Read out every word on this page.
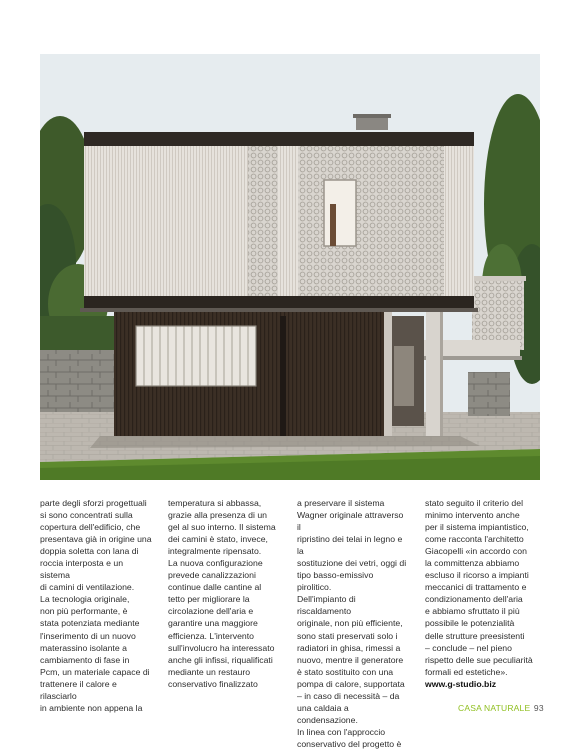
parte degli sforzi progettuali
si sono concentrati sulla
copertura dell'edificio, che
presentava già in origine una
doppia soletta con lana di
roccia interposta e un sistema
di camini di ventilazione.
La tecnologia originale,
non più performante, è
stata potenziata mediante
l'inserimento di un nuovo
materassino isolante a
cambiamento di fase in
Pcm, un materiale capace di
trattenere il calore e rilasciarlo
in ambiente non appena la

temperatura si abbassa,
grazie alla presenza di un
gel al suo interno. Il sistema
dei camini è stato, invece,
integralmente ripensato.
La nuova configurazione
prevede canalizzazioni
continue dalle cantine al
tetto per migliorare la
circolazione dell'aria e
garantire una maggiore
efficienza. L'intervento
sull'involucro ha interessato
anche gli infissi, riqualificati
mediante un restauro
conservativo finalizzato

a preservare il sistema
Wagner originale attraverso il
ripristino dei telai in legno e la
sostituzione dei vetri, oggi di
tipo basso-emissivo pirolitico.
Dell'impianto di riscaldamento
originale, non più efficiente,
sono stati preservati solo i
radiatori in ghisa, rimessi a
nuovo, mentre il generatore
è stato sostituito con una
pompa di calore, supportata
– in caso di necessità – da
una caldaia a condensazione.
In linea con l'approccio
conservativo del progetto è

stato seguito il criterio del
minimo intervento anche
per il sistema impiantistico,
come racconta l'architetto
Giacopelli «in accordo con
la committenza abbiamo
escluso il ricorso a impianti
meccanici di trattamento e
condizionamento dell'aria
e abbiamo sfruttato il più
possibile le potenzialità
delle strutture preesistenti
– conclude – nel pieno
rispetto delle sue peculiarità
formali ed estetiche».

www.g-studio.biz

CASA NATURALE 93
